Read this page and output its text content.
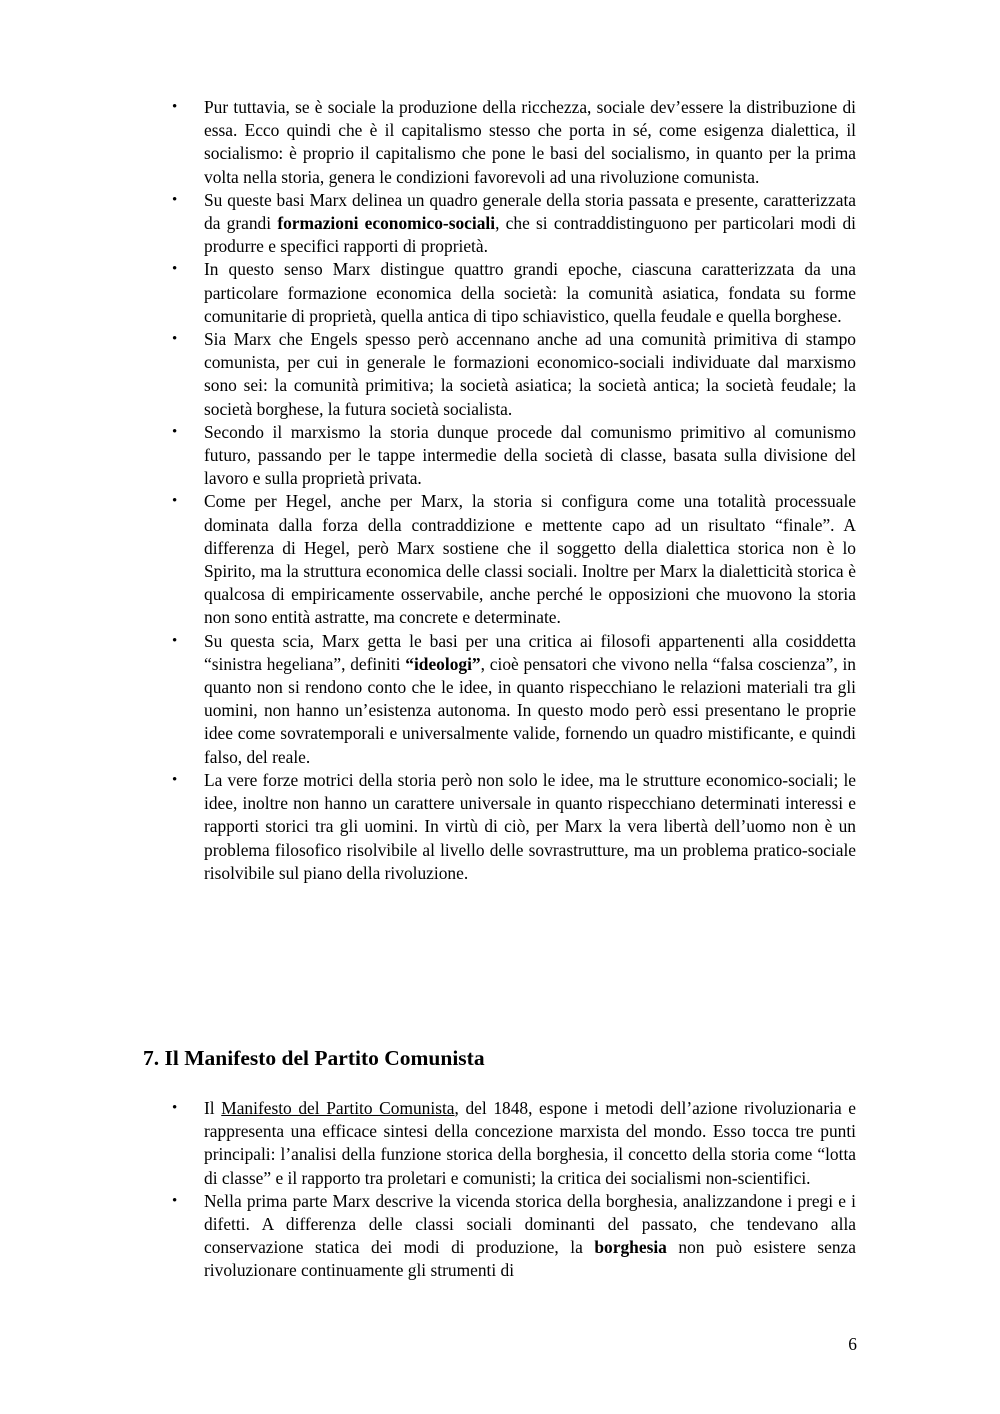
•	Pur tuttavia, se è sociale la produzione della ricchezza, sociale dev’essere la distribuzione di essa. Ecco quindi che è il capitalismo stesso che porta in sé, come esigenza dialettica, il socialismo: è proprio il capitalismo che pone le basi del socialismo, in quanto per la prima volta nella storia, genera le condizioni favorevoli ad una rivoluzione comunista.
•	Su queste basi Marx delinea un quadro generale della storia passata e presente, caratterizzata da grandi formazioni economico-sociali, che si contraddistinguono per particolari modi di produrre e specifici rapporti di proprietà.
•	In questo senso Marx distingue quattro grandi epoche, ciascuna caratterizzata da una particolare formazione economica della società: la comunità asiatica, fondata su forme comunitarie di proprietà, quella antica di tipo schiavistico, quella feudale e quella borghese.
•	Sia Marx che Engels spesso però accennano anche ad una comunità primitiva di stampo comunista, per cui in generale le formazioni economico-sociali individuate dal marxismo sono sei: la comunità primitiva; la società asiatica; la società antica; la società feudale; la società borghese, la futura società socialista.
•	Secondo il marxismo la storia dunque procede dal comunismo primitivo al comunismo futuro, passando per le tappe intermedie della società di classe, basata sulla divisione del lavoro e sulla proprietà privata.
•	Come per Hegel, anche per Marx, la storia si configura come una totalità processuale dominata dalla forza della contraddizione e mettente capo ad un risultato “finale”. A differenza di Hegel, però Marx sostiene che il soggetto della dialettica storica non è lo Spirito, ma la struttura economica delle classi sociali. Inoltre per Marx la dialetticità storica è qualcosa di empiricamente osservabile, anche perché le opposizioni che muovono la storia non sono entità astratte, ma concrete e determinate.
•	Su questa scia, Marx getta le basi per una critica ai filosofi appartenenti alla cosiddetta “sinistra hegeliana”, definiti “ideologi”, cioè pensatori che vivono nella “falsa coscienza”, in quanto non si rendono conto che le idee, in quanto rispecchiano le relazioni materiali tra gli uomini, non hanno un’esistenza autonoma. In questo modo però essi presentano le proprie idee come sovratemporali e universalmente valide, fornendo un quadro mistificante, e quindi falso, del reale.
•	La vere forze motrici della storia però non solo le idee, ma le strutture economico-sociali; le idee, inoltre non hanno un carattere universale in quanto rispecchiano determinati interessi e rapporti storici tra gli uomini. In virtù di ciò, per Marx la vera libertà dell’uomo non è un problema filosofico risolvibile al livello delle sovrastrutture, ma un problema pratico-sociale risolvibile sul piano della rivoluzione.
7. Il Manifesto del Partito Comunista
•	Il Manifesto del Partito Comunista, del 1848, espone i metodi dell’azione rivoluzionaria e rappresenta una efficace sintesi della concezione marxista del mondo. Esso tocca tre punti principali: l’analisi della funzione storica della borghesia, il concetto della storia come “lotta di classe” e il rapporto tra proletari e comunisti; la critica dei socialismi non-scientifici.
•	Nella prima parte Marx descrive la vicenda storica della borghesia, analizzandone i pregi e i difetti. A differenza delle classi sociali dominanti del passato, che tendevano alla conservazione statica dei modi di produzione, la borghesia non può esistere senza rivoluzionare continuamente gli strumenti di
6
